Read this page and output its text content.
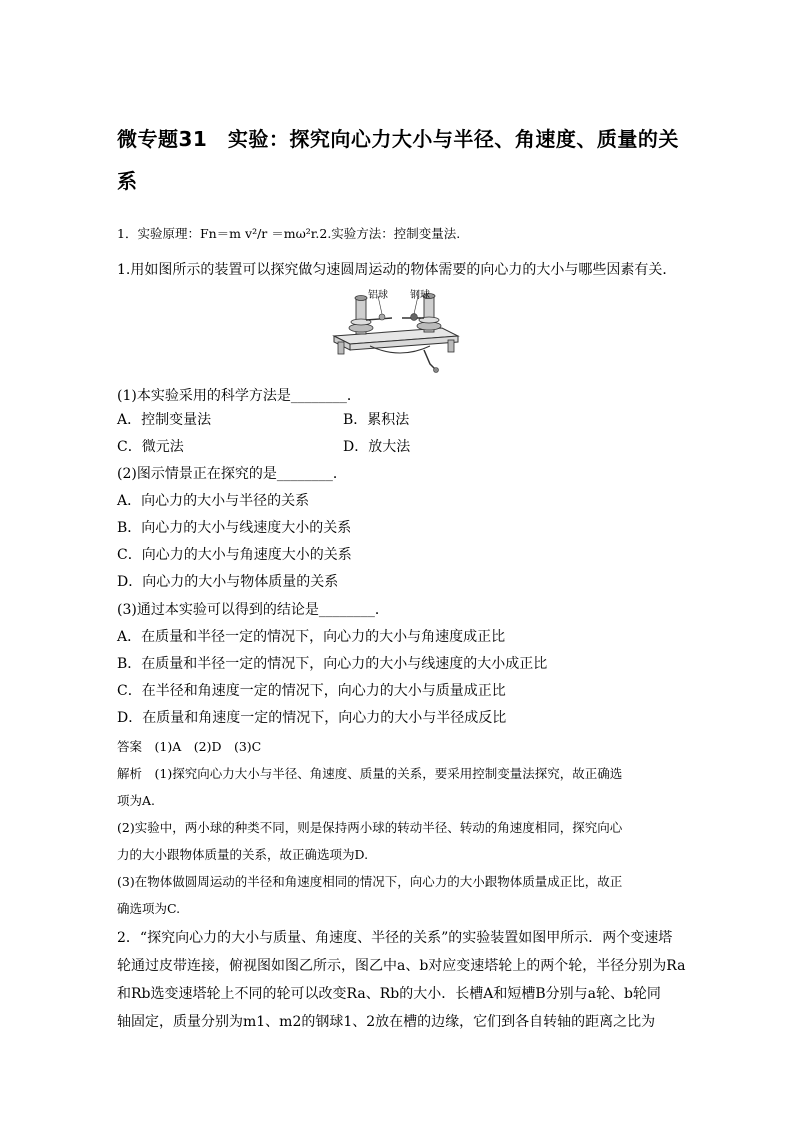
微专题31　实验：探究向心力大小与半径、角速度、质量的关系
1．实验原理：Fn＝m v²/r ＝mω²r.2.实验方法：控制变量法.
1.用如图所示的装置可以探究做匀速圆周运动的物体需要的向心力的大小与哪些因素有关．
铝球 钢球
(1)本实验采用的科学方法是________．
A．控制变量法	B．累积法
C．微元法	D．放大法
(2)图示情景正在探究的是________．
A．向心力的大小与半径的关系
B．向心力的大小与线速度大小的关系
C．向心力的大小与角速度大小的关系
D．向心力的大小与物体质量的关系
(3)通过本实验可以得到的结论是________．
A．在质量和半径一定的情况下，向心力的大小与角速度成正比
B．在质量和半径一定的情况下，向心力的大小与线速度的大小成正比
C．在半径和角速度一定的情况下，向心力的大小与质量成正比
D．在质量和角速度一定的情况下，向心力的大小与半径成反比
答案　(1)A　(2)D　(3)C
解析　(1)探究向心力大小与半径、角速度、质量的关系，要采用控制变量法探究，故正确选
项为A.
(2)实验中，两小球的种类不同，则是保持两小球的转动半径、转动的角速度相同，探究向心
力的大小跟物体质量的关系，故正确选项为D.
(3)在物体做圆周运动的半径和角速度相同的情况下，向心力的大小跟物体质量成正比，故正
确选项为C.
2．“探究向心力的大小与质量、角速度、半径的关系”的实验装置如图甲所示．两个变速塔
轮通过皮带连接，俯视图如图乙所示，图乙中a、b对应变速塔轮上的两个轮，半径分别为Ra
和Rb选变速塔轮上不同的轮可以改变Ra、Rb的大小．长槽A和短槽B分别与a轮、b轮同
轴固定，质量分别为m1、m2的钢球1、2放在槽的边缘，它们到各自转轴的距离之比为
